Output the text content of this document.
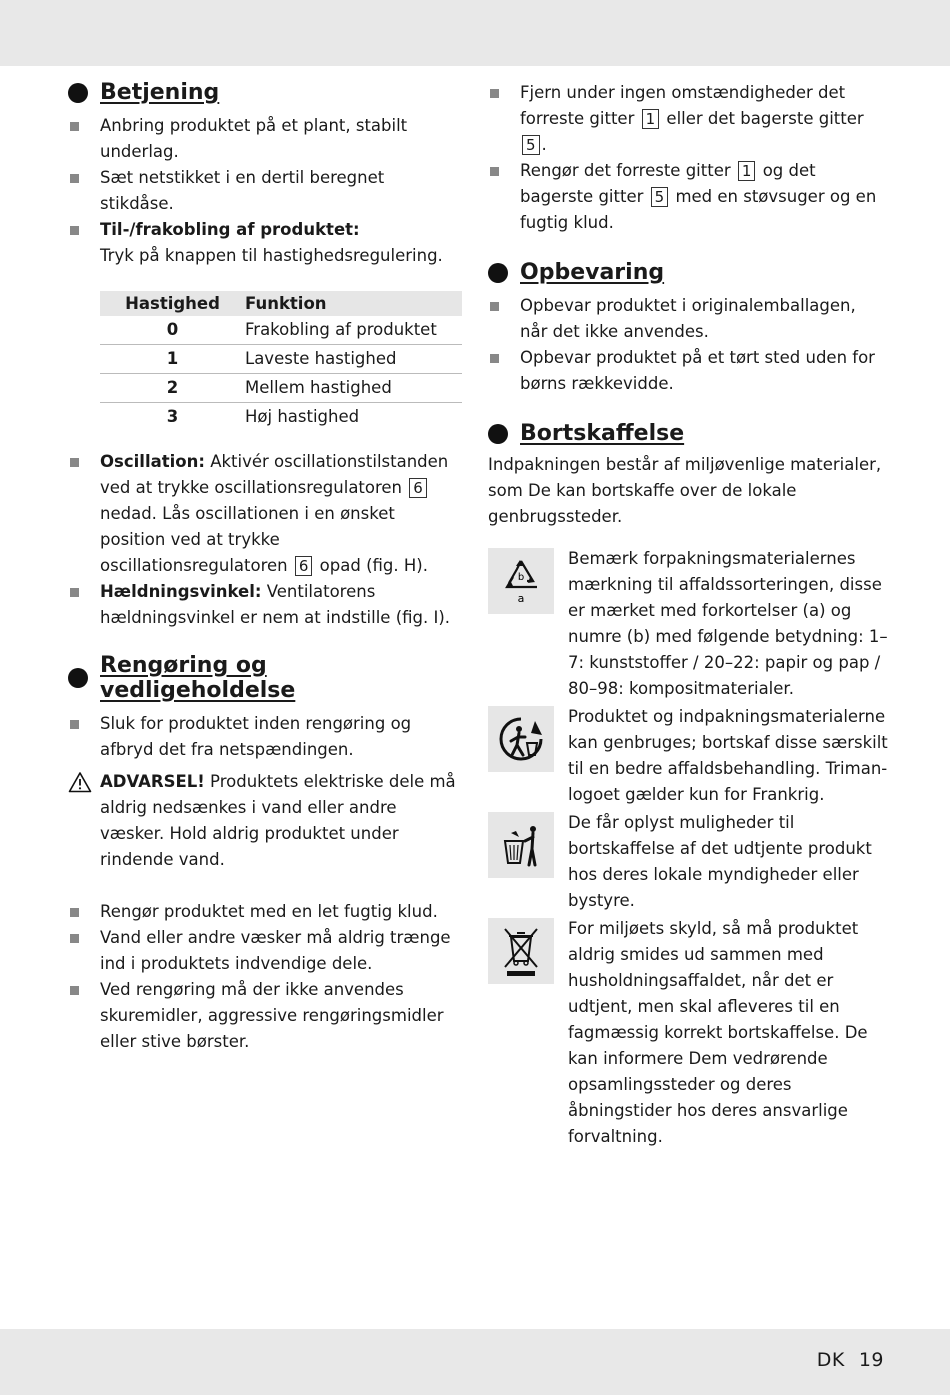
Betjening
Anbring produktet på et plant, stabilt underlag.
Sæt netstikket i en dertil beregnet stikdåse.
Til-/frakobling af produktet:
Tryk på knappen til hastighedsregulering.
Hastighed	Funktion
0	Frakobling af produktet
1	Laveste hastighed
2	Mellem hastighed
3	Høj hastighed
Oscillation: Aktivér oscillationstilstanden ved at trykke oscillationsregulatoren 6 nedad. Lås oscillationen i en ønsket position ved at trykke oscillationsregulatoren 6 opad (fig. H).
Hældningsvinkel: Ventilatorens hældningsvinkel er nem at indstille (fig. I).
Rengøring og vedligeholdelse
Sluk for produktet inden rengøring og afbryd det fra netspændingen.
ADVARSEL! Produktets elektriske dele må aldrig nedsænkes i vand eller andre væsker. Hold aldrig produktet under rindende vand.
Rengør produktet med en let fugtig klud.
Vand eller andre væsker må aldrig trænge ind i produktets indvendige dele.
Ved rengøring må der ikke anvendes skuremidler, aggressive rengøringsmidler eller stive børster.
Fjern under ingen omstændigheder det forreste gitter 1 eller det bagerste gitter 5 .
Rengør det forreste gitter 1 og det bagerste gitter 5 med en støvsuger og en fugtig klud.
Opbevaring
Opbevar produktet i originalemballagen, når det ikke anvendes.
Opbevar produktet på et tørt sted uden for børns rækkevidde.
Bortskaffelse
Indpakningen består af miljøvenlige materialer, som De kan bortskaffe over de lokale genbrugssteder.
b
a
Bemærk forpakningsmaterialernes mærkning til affaldssorteringen, disse er mærket med forkortelser (a) og numre (b) med følgende betydning: 1–7: kunststoffer / 20–22: papir og pap / 80–98: kompositmaterialer.
Produktet og indpakningsmaterialerne kan genbruges; bortskaf disse særskilt til en bedre affaldsbehandling. Triman-logoet gælder kun for Frankrig.
De får oplyst muligheder til bortskaffelse af det udtjente produkt hos deres lokale myndigheder eller bystyre.
For miljøets skyld, så må produktet aldrig smides ud sammen med husholdningsaffaldet, når det er udtjent, men skal afleveres til en fagmæssig korrekt bortskaffelse. De kan informere Dem vedrørende opsamlingssteder og deres åbningstider hos deres ansvarlige forvaltning.
DK 19
